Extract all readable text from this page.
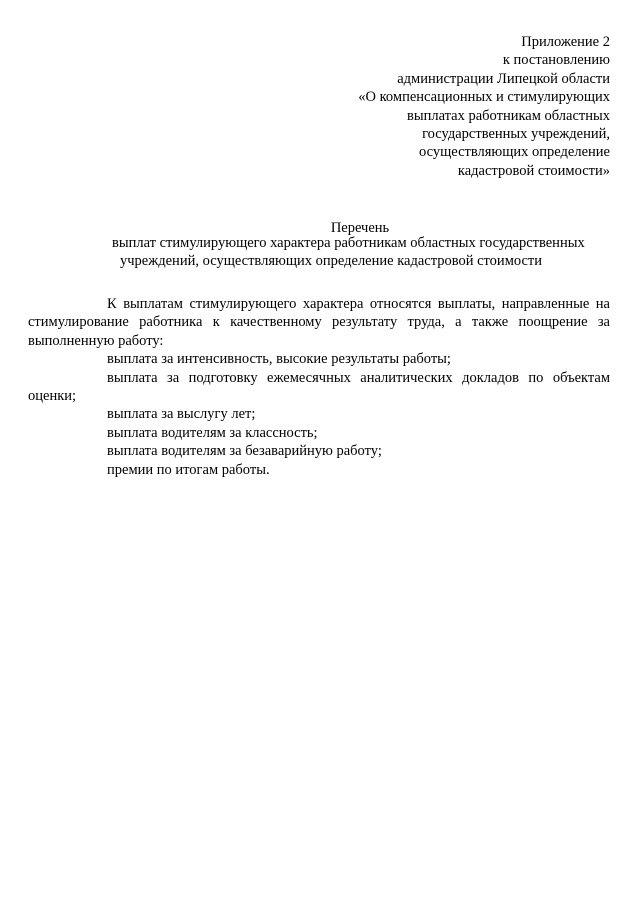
Приложение 2
к постановлению
администрации Липецкой области
«О компенсационных и стимулирующих
выплатах работникам областных
государственных учреждений,
осуществляющих определение
кадастровой стоимости»
Перечень
выплат стимулирующего характера работникам областных государственных
учреждений, осуществляющих определение кадастровой стоимости

К выплатам стимулирующего характера относятся выплаты, направленные на стимулирование работника к качественному результату труда, а также поощрение за выполненную работу:

выплата за интенсивность, высокие результаты работы;

выплата за подготовку ежемесячных аналитических докладов по объектам оценки;

выплата за выслугу лет;

выплата водителям за классность;

выплата водителям за безаварийную работу;

премии по итогам работы.
